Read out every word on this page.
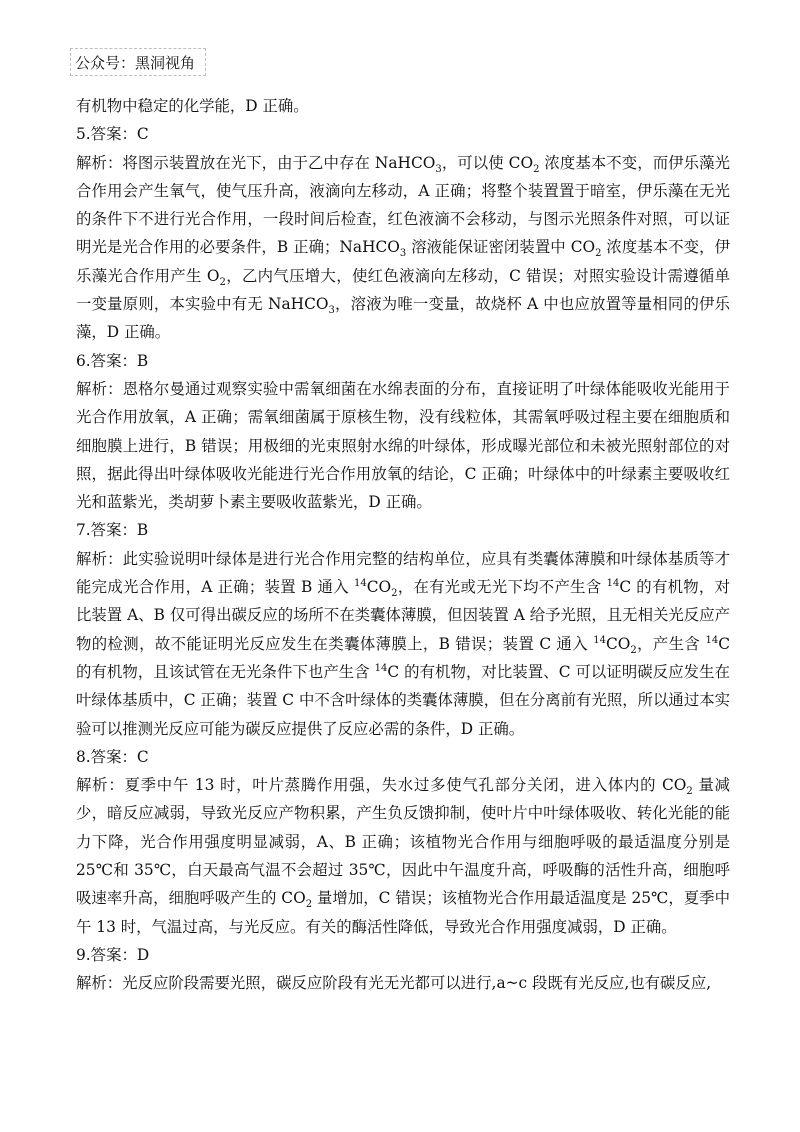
公众号：黑洞视角

有机物中稳定的化学能，D 正确。

5.答案：C

解析：将图示装置放在光下，由于乙中存在 NaHCO$_3$，可以使 $CO_2$ 浓度基本不变，而伊乐藻光合作用会产生氧气，使气压升高，液滴向左移动，A 正确；将整个装置置于暗室，伊乐藻在无光的条件下不进行光合作用，一段时间后检查，红色液滴不会移动，与图示光照条件对照，可以证明光是光合作用的必要条件，B 正确；NaHCO$_3$ 溶液能保证密闭装置中 $CO_2$ 浓度基本不变，伊乐藻光合作用产生 $O_2$，乙内气压增大，使红色液滴向左移动，C 错误；对照实验设计需遵循单一变量原则，本实验中有无 NaHCO$_3$，溶液为唯一变量，故烧杯 A 中也应放置等量相同的伊乐藻，D 正确。

6.答案：B

解析：恩格尔曼通过观察实验中需氧细菌在水绵表面的分布，直接证明了叶绿体能吸收光能用于光合作用放氧，A 正确；需氧细菌属于原核生物，没有线粒体，其需氧呼吸过程主要在细胞质和细胞膜上进行，B 错误；用极细的光束照射水绵的叶绿体，形成曝光部位和未被光照射部位的对照，据此得出叶绿体吸收光能进行光合作用放氧的结论，C 正确；叶绿体中的叶绿素主要吸收红光和蓝紫光，类胡萝卜素主要吸收蓝紫光，D 正确。

7.答案：B

解析：此实验说明叶绿体是进行光合作用完整的结构单位，应具有类囊体薄膜和叶绿体基质等才能完成光合作用，A 正确；装置 B 通入 $^{14}CO_2$，在有光或无光下均不产生含 $^{14}$C 的有机物，对比装置 A、B 仅可得出碳反应的场所不在类囊体薄膜，但因装置 A 给予光照，且无相关光反应产物的检测，故不能证明光反应发生在类囊体薄膜上，B 错误；装置 C 通入 $^{14}CO_2$，产生含 $^{14}$C 的有机物，且该试管在无光条件下也产生含 $^{14}$C 的有机物，对比装置、C 可以证明碳反应发生在叶绿体基质中，C 正确；装置 C 中不含叶绿体的类囊体薄膜，但在分离前有光照，所以通过本实验可以推测光反应可能为碳反应提供了反应必需的条件，D 正确。

8.答案：C

解析：夏季中午 13 时，叶片蒸腾作用强，失水过多使气孔部分关闭，进入体内的 $CO_2$ 量减少，暗反应减弱，导致光反应产物积累，产生负反馈抑制，使叶片中叶绿体吸收、转化光能的能力下降，光合作用强度明显减弱，A、B 正确；该植物光合作用与细胞呼吸的最适温度分别是 25℃和 35℃，白天最高气温不会超过 35℃，因此中午温度升高，呼吸酶的活性升高，细胞呼吸速率升高，细胞呼吸产生的 $CO_2$ 量增加，C 错误；该植物光合作用最适温度是 25℃，夏季中午 13 时，气温过高，与光反应。有关的酶活性降低，导致光合作用强度减弱，D 正确。

9.答案：D

解析：光反应阶段需要光照，碳反应阶段有光无光都可以进行,a~c 段既有光反应,也有碳反应,
